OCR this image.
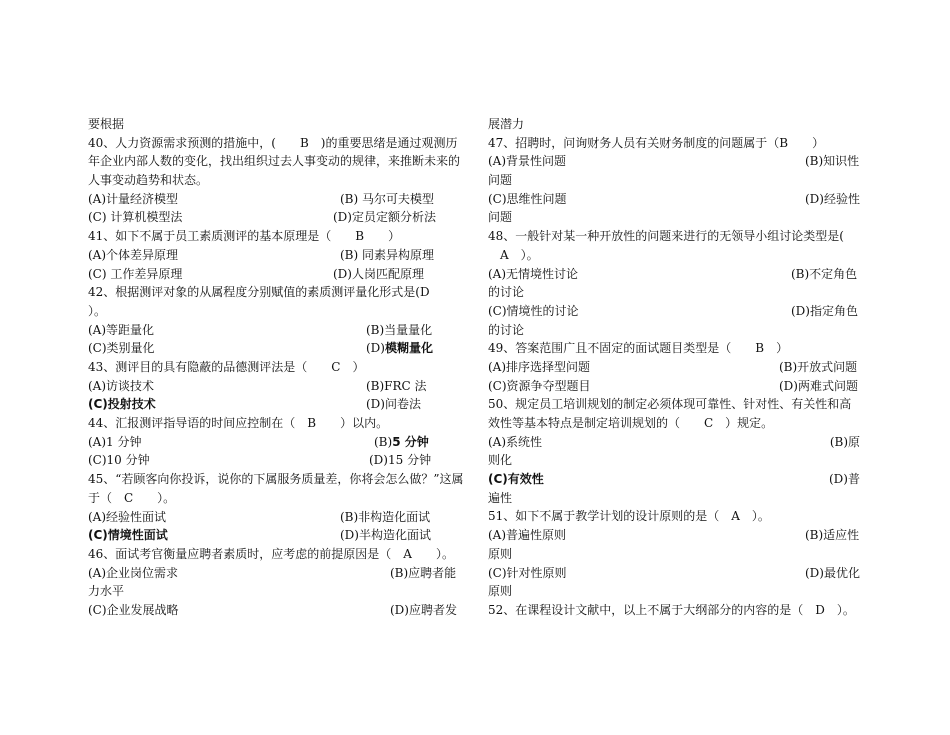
要根据
40、人力资源需求预测的措施中，(　　B　)的重要思绪是通过观测历年企业内部人数的变化，找出组织过去人事变动的规律，来推断未来的人事变动趋势和状态。
(A)计量经济模型	(B) 马尔可夫模型
(C) 计算机模型法	(D)定员定额分析法
41、如下不属于员工素质测评的基本原理是（　　B　　）
(A)个体差异原理	(B) 同素异构原理
(C) 工作差异原理	(D)人岗匹配原理
42、根据测评对象的从属程度分别赋值的素质测评量化形式是(D
）。
(A)等距量化	(B)当量量化
(C)类别量化	(D)模糊量化
43、测评目的具有隐蔽的品德测评法是（　　C　）
(A)访谈技术	(B)FRC 法
(C)投射技术	(D)问卷法
44、汇报测评指导语的时间应控制在（　B　　）以内。
(A)1 分钟	(B)5 分钟
(C)10 分钟	(D)15 分钟
45、“若顾客向你投诉，说你的下属服务质量差，你将会怎么做？”这属于（　C　　）。
(A)经验性面试	(B)非构造化面试
(C)情境性面试	(D)半构造化面试
46、面试考官衡量应聘者素质时，应考虑的前提原因是（　A　　）。
(A)企业岗位需求	(B)应聘者能
力水平
(C)企业发展战略	(D)应聘者发
展潜力
47、招聘时，问询财务人员有关财务制度的问题属于（B　　）
(A)背景性问题	(B)知识性
问题
(C)思维性问题	(D)经验性
问题
48、一般针对某一种开放性的问题来进行的无领导小组讨论类型是(
　A　）。
(A)无情境性讨论	(B)不定角色
的讨论
(C)情境性的讨论	(D)指定角色
的讨论
49、答案范围广且不固定的面试题目类型是（　　B　）
(A)排序选择型问题	(B)开放式问题
(C)资源争夺型题目	(D)两难式问题
50、规定员工培训规划的制定必须体现可靠性、针对性、有关性和高效性等基本特点是制定培训规划的（　　C　）规定。
(A)系统性	(B)原
则化
(C)有效性	(D)普
遍性
51、如下不属于教学计划的设计原则的是（　A　）。
(A)普遍性原则	(B)适应性
原则
(C)针对性原则	(D)最优化
原则
52、在课程设计文献中，以上不属于大纲部分的内容的是（　D　）。
